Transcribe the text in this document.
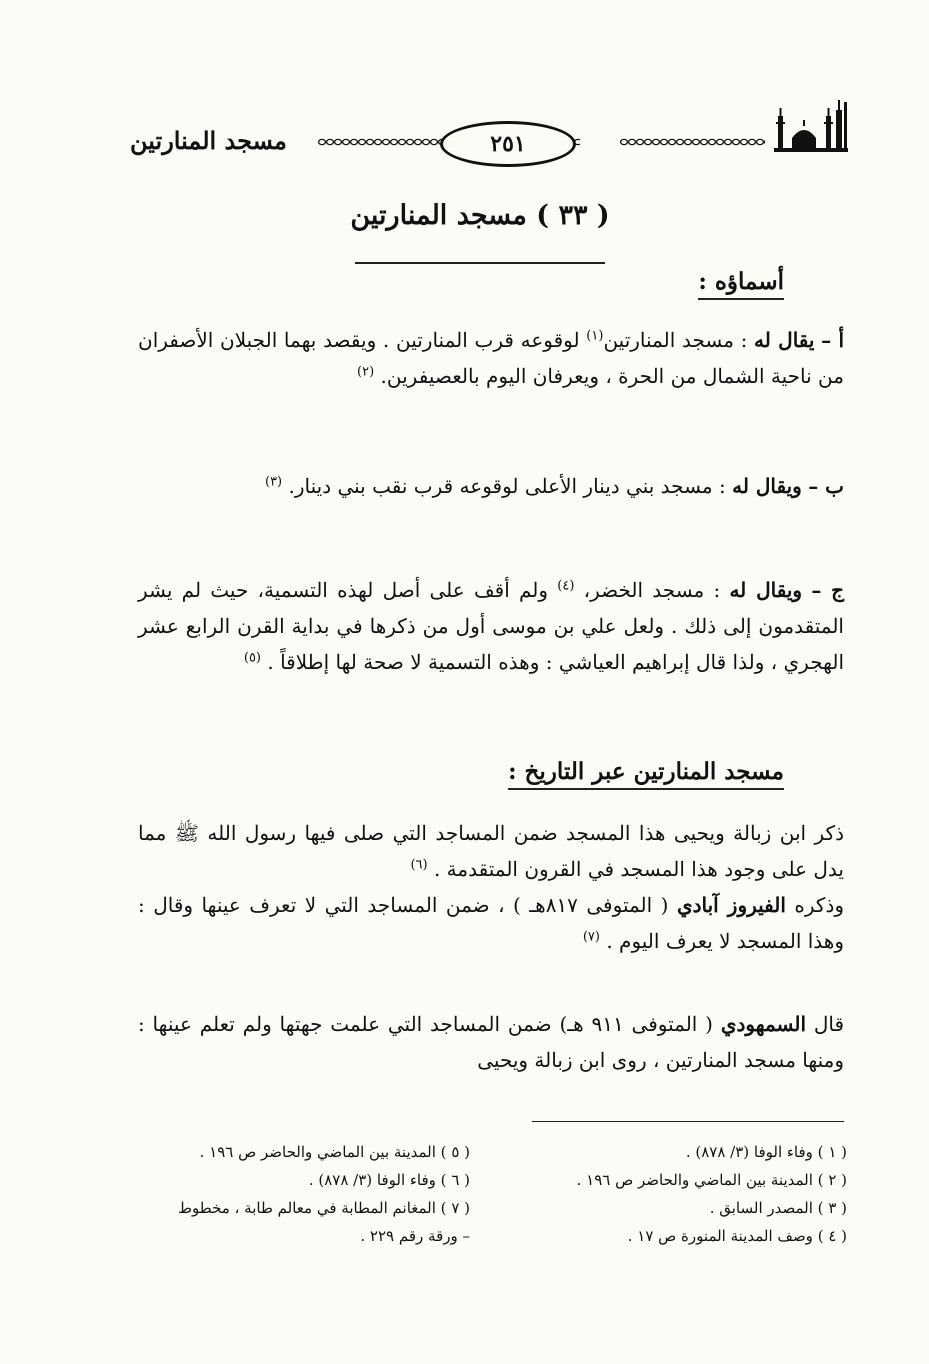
مسجد المنارتين	٢٥١
( ٣٣ ) مسجد المنارتين
أسماؤه :
أ – يقال له : مسجد المنارتين$^{(١)}$ لوقوعه قرب المنارتين . ويقصد بهما الجبلان الأصفران من ناحية الشمال من الحرة ، ويعرفان اليوم بالعصيفرين. $^{(٢)}$
ب – ويقال له : مسجد بني دينار الأعلى لوقوعه قرب نقب بني دينار. $^{(٣)}$
ج – ويقال له : مسجد الخضر، $^{(٤)}$ ولم أقف على أصل لهذه التسمية، حيث لم يشر المتقدمون إلى ذلك . ولعل علي بن موسى أول من ذكرها في بداية القرن الرابع عشر الهجري ، ولذا قال إبراهيم العياشي : وهذه التسمية لا صحة لها إطلاقاً . $^{(٥)}$
مسجد المنارتين عبر التاريخ :
ذكر ابن زبالة ويحيى هذا المسجد ضمن المساجد التي صلى فيها رسول الله ﷺ مما يدل على وجود هذا المسجد في القرون المتقدمة . $^{(٦)}$
وذكره الفيروز آبادي ( المتوفى ٨١٧هـ ) ، ضمن المساجد التي لا تعرف عينها وقال : وهذا المسجد لا يعرف اليوم . $^{(٧)}$
قال السمهودي ( المتوفى ٩١١ هـ) ضمن المساجد التي علمت جهتها ولم تعلم عينها : ومنها مسجد المنارتين ، روى ابن زبالة ويحيى
( ١ ) وفاء الوفا (٣/ ٨٧٨) .
( ٢ ) المدينة بين الماضي والحاضر ص ١٩٦ .
( ٣ ) المصدر السابق .
( ٤ ) وصف المدينة المنورة ص ١٧ .
( ٥ ) المدينة بين الماضي والحاضر ص ١٩٦ .
( ٦ ) وفاء الوفا (٣/ ٨٧٨) .
( ٧ ) المغانم المطابة في معالم طابة ، مخطوط
– ورقة رقم ٢٢٩ .
